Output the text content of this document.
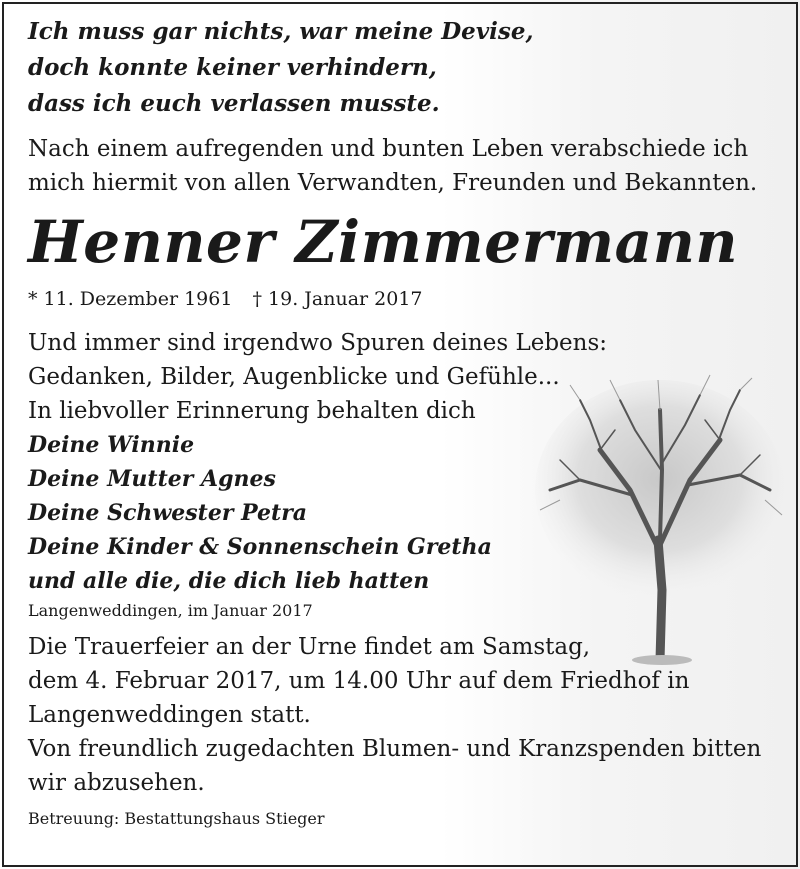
Ich muss gar nichts, war meine Devise,
doch konnte keiner verhindern,
dass ich euch verlassen musste.
Nach einem aufregenden und bunten Leben verabschiede ich
mich hiermit von allen Verwandten, Freunden und Bekannten.
Henner Zimmermann
* 11. Dezember 1961 † 19. Januar 2017
Und immer sind irgendwo Spuren deines Lebens:
Gedanken, Bilder, Augenblicke und Gefühle...
In liebvoller Erinnerung behalten dich
Deine Winnie
Deine Mutter Agnes
Deine Schwester Petra
Deine Kinder & Sonnenschein Gretha
und alle die, die dich lieb hatten
Langenweddingen, im Januar 2017
Die Trauerfeier an der Urne findet am Samstag,
dem 4. Februar 2017, um 14.00 Uhr auf dem Friedhof in
Langenweddingen statt.
Von freundlich zugedachten Blumen- und Kranzspenden bitten
wir abzusehen.
Betreuung: Bestattungshaus Stieger
